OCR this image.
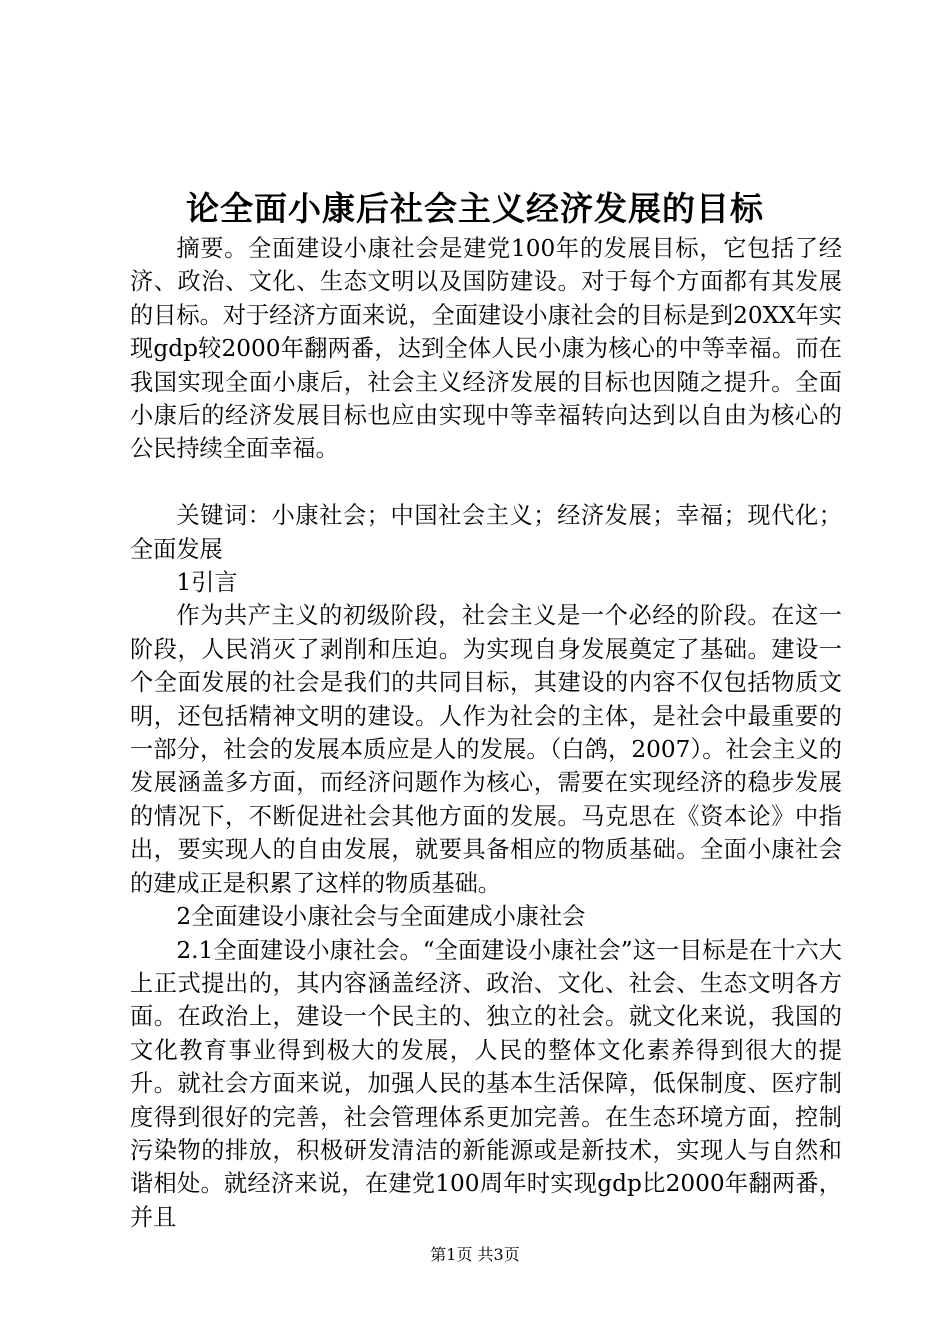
论全面小康后社会主义经济发展的目标

摘要。全面建设小康社会是建党100年的发展目标，它包括了经济、政治、文化、生态文明以及国防建设。对于每个方面都有其发展的目标。对于经济方面来说，全面建设小康社会的目标是到20XX年实现gdp较2000年翻两番，达到全体人民小康为核心的中等幸福。而在我国实现全面小康后，社会主义经济发展的目标也因随之提升。全面小康后的经济发展目标也应由实现中等幸福转向达到以自由为核心的公民持续全面幸福。

关键词：小康社会；中国社会主义；经济发展；幸福；现代化；全面发展

1引言

作为共产主义的初级阶段，社会主义是一个必经的阶段。在这一阶段，人民消灭了剥削和压迫。为实现自身发展奠定了基础。建设一个全面发展的社会是我们的共同目标，其建设的内容不仅包括物质文明，还包括精神文明的建设。人作为社会的主体，是社会中最重要的一部分，社会的发展本质应是人的发展。（白鸽，2007）。社会主义的发展涵盖多方面，而经济问题作为核心，需要在实现经济的稳步发展的情况下，不断促进社会其他方面的发展。马克思在《资本论》中指出，要实现人的自由发展，就要具备相应的物质基础。全面小康社会的建成正是积累了这样的物质基础。

2全面建设小康社会与全面建成小康社会

2.1全面建设小康社会。“全面建设小康社会”这一目标是在十六大上正式提出的，其内容涵盖经济、政治、文化、社会、生态文明各方面。在政治上，建设一个民主的、独立的社会。就文化来说，我国的文化教育事业得到极大的发展，人民的整体文化素养得到很大的提升。就社会方面来说，加强人民的基本生活保障，低保制度、医疗制度得到很好的完善，社会管理体系更加完善。在生态环境方面，控制污染物的排放，积极研发清洁的新能源或是新技术，实现人与自然和谐相处。就经济来说，在建党100周年时实现gdp比2000年翻两番，并且

第1页 共3页
